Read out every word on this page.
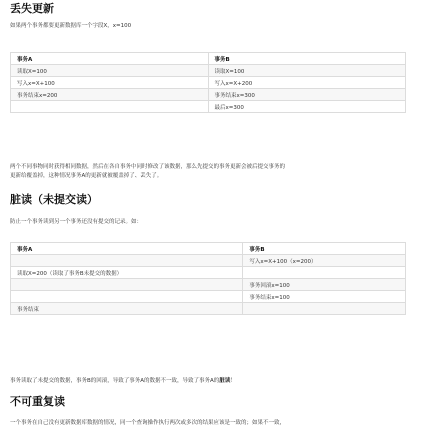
丢失更新
如果两个事务都要更新数据库一个字段X，x=100
事务A	事务B
读取X=100	读取X=100
写入x=X+100	写入x=X+200
事务结束x=200	事务结束x=300
	最后x=300
两个不同事物同时获得相同数据，然后在各自事务中同时修改了该数据，那么先提交的事务更新会被后提交事务的
更新给覆盖掉，这种情况事务A的更新就被覆盖掉了、丢失了。
脏读（未提交读）
防止一个事务读到另一个事务还没有提交的记录。如：
事务A	事务B
	写入x=X+100（x=200）
读取X=200（读取了事务B未提交的数据）	
	事务回滚x=100
	事务结束x=100
事务结束	
事务读取了未提交的数据，事务B的回滚，导致了事务A的数据不一致，导致了事务A的脏读！
不可重复读
一个事务在自己没有更新数据库数据的情况，同一个查询操作执行两次或多次的结果应该是一致的；如果不一致，
